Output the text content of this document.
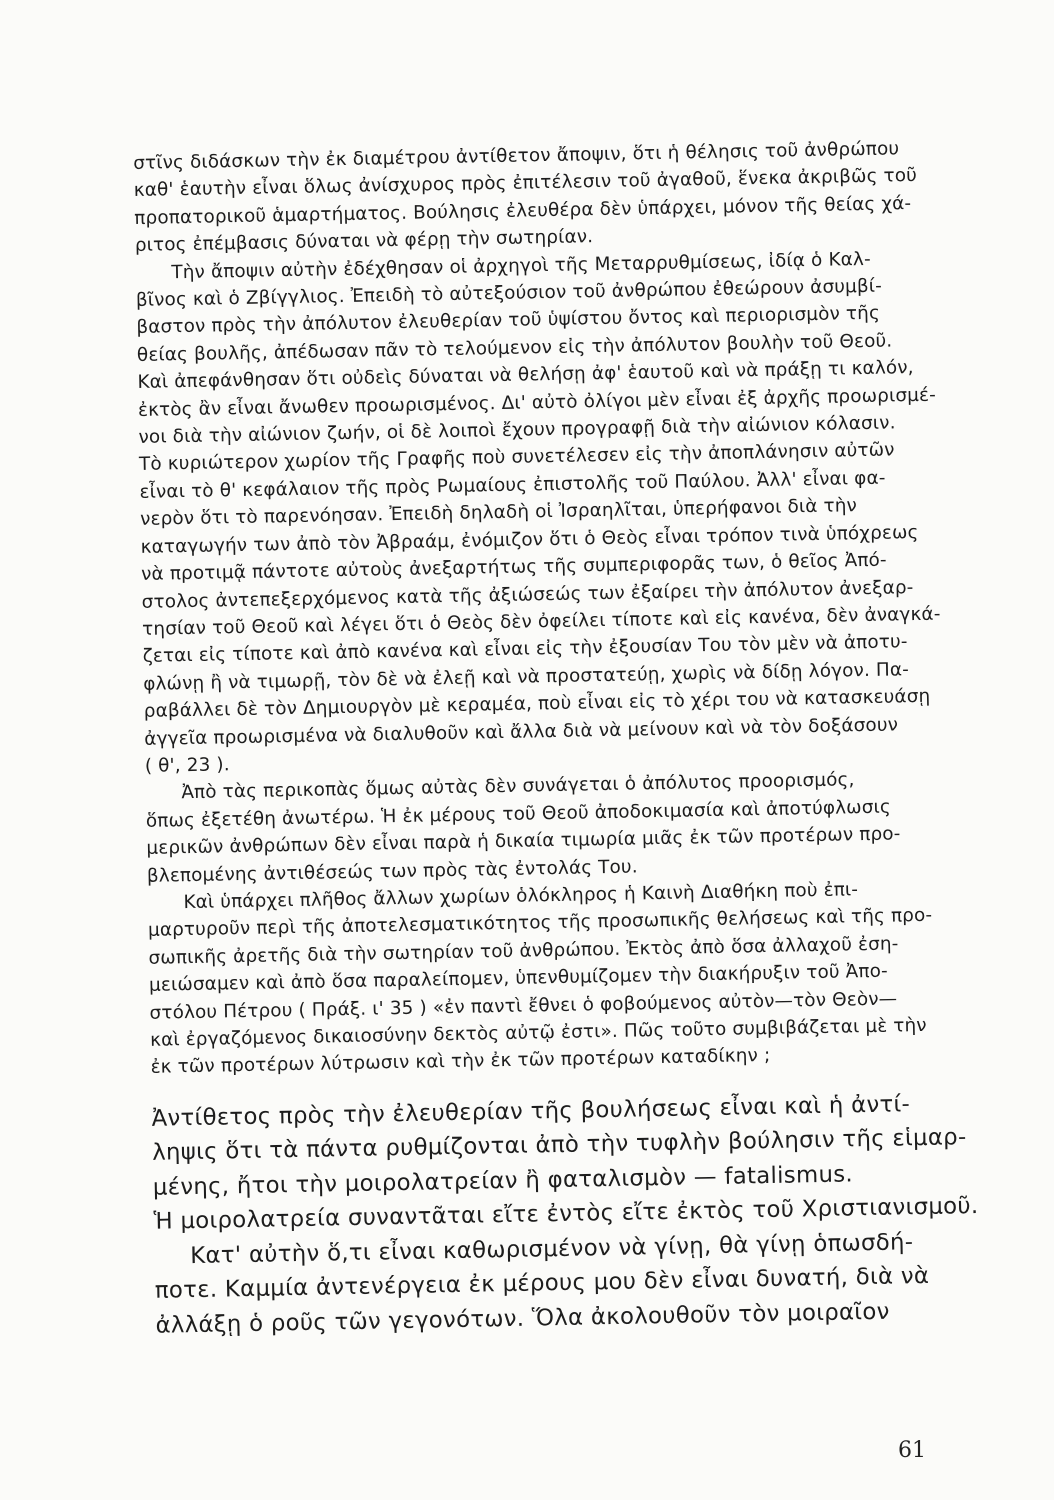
στῖνς διδάσκων τὴν ἐκ διαμέτρου ἀντίθετον ἄποψιν, ὅτι ἡ θέλησις τοῦ ἀνθρώπου
καθ' ἑαυτὴν εἶναι ὅλως ἀνίσχυρος πρὸς ἐπιτέλεσιν τοῦ ἀγαθοῦ, ἕνεκα ἀκριβῶς τοῦ
προπατορικοῦ ἁμαρτήματος. Βούλησις ἐλευθέρα δὲν ὑπάρχει, μόνον τῆς θείας χά-
ριτος ἐπέμβασις δύναται νὰ φέρῃ τὴν σωτηρίαν.
Τὴν ἄποψιν αὐτὴν ἐδέχθησαν οἱ ἀρχηγοὶ τῆς Μεταρρυθμίσεως, ἰδίᾳ ὁ Καλ-
βῖνος καὶ ὁ Ζβίγγλιος. Ἐπειδὴ τὸ αὐτεξούσιον τοῦ ἀνθρώπου ἐθεώρουν ἀσυμβί-
βαστον πρὸς τὴν ἀπόλυτον ἐλευθερίαν τοῦ ὑψίστου ὄντος καὶ περιορισμὸν τῆς
θείας βουλῆς, ἀπέδωσαν πᾶν τὸ τελούμενον εἰς τὴν ἀπόλυτον βουλὴν τοῦ Θεοῦ.
Καὶ ἀπεφάνθησαν ὅτι οὐδεὶς δύναται νὰ θελήσῃ ἀφ' ἑαυτοῦ καὶ νὰ πράξῃ τι καλόν,
ἐκτὸς ἂν εἶναι ἄνωθεν προωρισμένος. Δι' αὐτὸ ὀλίγοι μὲν εἶναι ἐξ ἀρχῆς προωρισμέ-
νοι διὰ τὴν αἰώνιον ζωήν, οἱ δὲ λοιποὶ ἔχουν προγραφῇ διὰ τὴν αἰώνιον κόλασιν.
Τὸ κυριώτερον χωρίον τῆς Γραφῆς ποὺ συνετέλεσεν εἰς τὴν ἀποπλάνησιν αὐτῶν
εἶναι τὸ θ' κεφάλαιον τῆς πρὸς Ρωμαίους ἐπιστολῆς τοῦ Παύλου. Ἀλλ' εἶναι φα-
νερὸν ὅτι τὸ παρενόησαν. Ἐπειδὴ δηλαδὴ οἱ Ἰσραηλῖται, ὑπερήφανοι διὰ τὴν
καταγωγήν των ἀπὸ τὸν Ἀβραάμ, ἐνόμιζον ὅτι ὁ Θεὸς εἶναι τρόπον τινὰ ὑπόχρεως
νὰ προτιμᾷ πάντοτε αὐτοὺς ἀνεξαρτήτως τῆς συμπεριφορᾶς των, ὁ θεῖος Ἀπό-
στολος ἀντεπεξερχόμενος κατὰ τῆς ἀξιώσεώς των ἐξαίρει τὴν ἀπόλυτον ἀνεξαρ-
τησίαν τοῦ Θεοῦ καὶ λέγει ὅτι ὁ Θεὸς δὲν ὀφείλει τίποτε καὶ εἰς κανένα, δὲν ἀναγκά-
ζεται εἰς τίποτε καὶ ἀπὸ κανένα καὶ εἶναι εἰς τὴν ἐξουσίαν Του τὸν μὲν νὰ ἀποτυ-
φλώνῃ ἢ νὰ τιμωρῇ, τὸν δὲ νὰ ἐλεῇ καὶ νὰ προστατεύῃ, χωρὶς νὰ δίδῃ λόγον. Πα-
ραβάλλει δὲ τὸν Δημιουργὸν μὲ κεραμέα, ποὺ εἶναι εἰς τὸ χέρι του νὰ κατασκευάσῃ
ἀγγεῖα προωρισμένα νὰ διαλυθοῦν καὶ ἄλλα διὰ νὰ μείνουν καὶ νὰ τὸν δοξάσουν
( θ', 23 ).
Ἀπὸ τὰς περικοπὰς ὅμως αὐτὰς δὲν συνάγεται ὁ ἀπόλυτος προορισμός,
ὅπως ἐξετέθη ἀνωτέρω. Ἡ ἐκ μέρους τοῦ Θεοῦ ἀποδοκιμασία καὶ ἀποτύφλωσις
μερικῶν ἀνθρώπων δὲν εἶναι παρὰ ἡ δικαία τιμωρία μιᾶς ἐκ τῶν προτέρων προ-
βλεπομένης ἀντιθέσεώς των πρὸς τὰς ἐντολάς Του.
Καὶ ὑπάρχει πλῆθος ἄλλων χωρίων ὁλόκληρος ἡ Καινὴ Διαθήκη ποὺ ἐπι-
μαρτυροῦν περὶ τῆς ἀποτελεσματικότητος τῆς προσωπικῆς θελήσεως καὶ τῆς προ-
σωπικῆς ἀρετῆς διὰ τὴν σωτηρίαν τοῦ ἀνθρώπου. Ἐκτὸς ἀπὸ ὅσα ἀλλαχοῦ ἐση-
μειώσαμεν καὶ ἀπὸ ὅσα παραλείπομεν, ὑπενθυμίζομεν τὴν διακήρυξιν τοῦ Ἀπο-
στόλου Πέτρου ( Πράξ. ι' 35 ) «ἐν παντὶ ἔθνει ὁ φοβούμενος αὐτὸν—τὸν Θεὸν—
καὶ ἐργαζόμενος δικαιοσύνην δεκτὸς αὐτῷ ἐστι». Πῶς τοῦτο συμβιβάζεται μὲ τὴν
ἐκ τῶν προτέρων λύτρωσιν καὶ τὴν ἐκ τῶν προτέρων καταδίκην ;
Ἀντίθετος πρὸς τὴν ἐλευθερίαν τῆς βουλήσεως εἶναι καὶ ἡ ἀντί-
ληψις ὅτι τὰ πάντα ρυθμίζονται ἀπὸ τὴν τυφλὴν βούλησιν τῆς εἱμαρ-
μένης, ἤτοι τὴν μοιρολατρείαν ἢ φαταλισμὸν — fatalismus.
Ἡ μοιρολατρεία συναντᾶται εἴτε ἐντὸς εἴτε ἐκτὸς τοῦ Χριστιανισμοῦ.
Κατ' αὐτὴν ὅ,τι εἶναι καθωρισμένον νὰ γίνῃ, θὰ γίνῃ ὁπωσδή-
ποτε. Καμμία ἀντενέργεια ἐκ μέρους μου δὲν εἶναι δυνατή, διὰ νὰ
ἀλλάξῃ ὁ ροῦς τῶν γεγονότων. Ὅλα ἀκολουθοῦν τὸν μοιραῖον
61
